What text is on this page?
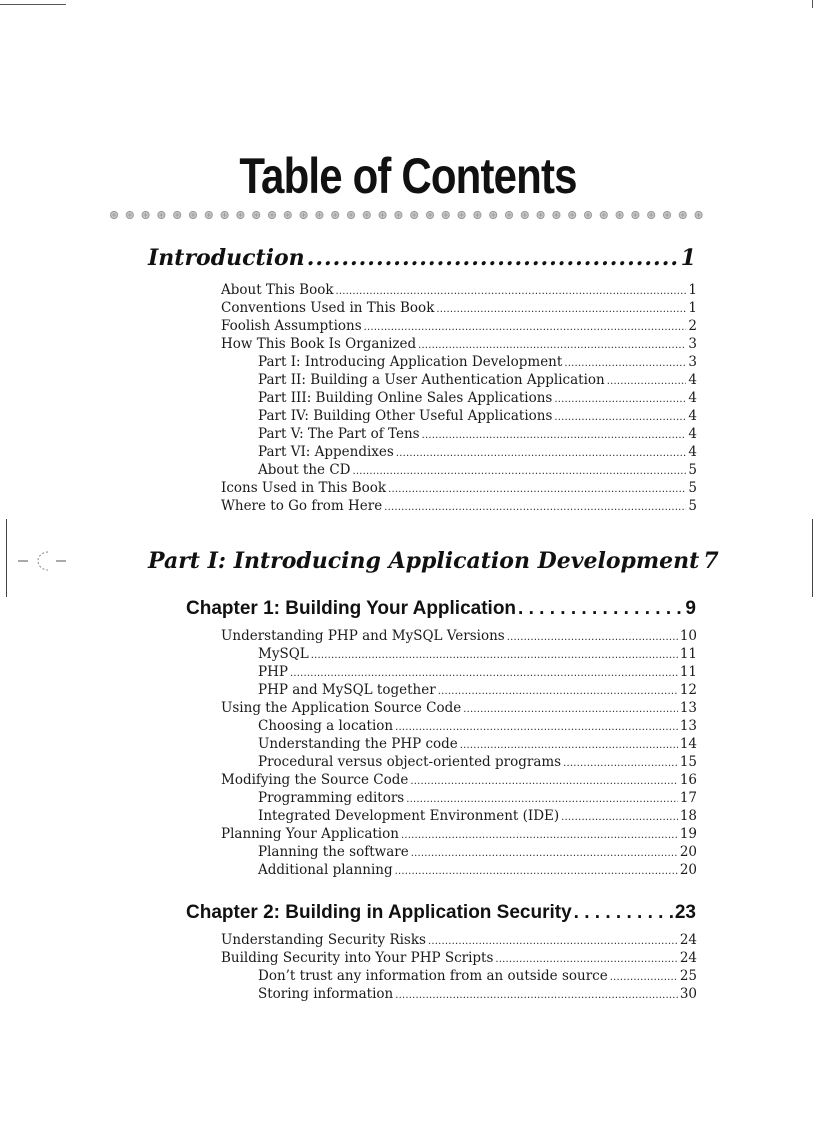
Table of Contents
Introduction .....	1
About This Book .....	1
Conventions Used in This Book .....	1
Foolish Assumptions .....	2
How This Book Is Organized .....	3
Part I: Introducing Application Development .....	3
Part II: Building a User Authentication Application .....	4
Part III: Building Online Sales Applications .....	4
Part IV: Building Other Useful Applications .....	4
Part V: The Part of Tens .....	4
Part VI: Appendixes .....	4
About the CD .....	5
Icons Used in This Book .....	5
Where to Go from Here .....	5
Part I: Introducing Application Development 7
Chapter 1: Building Your Application . . .	9
Understanding PHP and MySQL Versions .....	10
MySQL .....	11
PHP .....	11
PHP and MySQL together .....	12
Using the Application Source Code .....	13
Choosing a location .....	13
Understanding the PHP code .....	14
Procedural versus object-oriented programs .....	15
Modifying the Source Code .....	16
Programming editors .....	17
Integrated Development Environment (IDE) .....	18
Planning Your Application .....	19
Planning the software .....	20
Additional planning .....	20
Chapter 2: Building in Application Security . . .	23
Understanding Security Risks .....	24
Building Security into Your PHP Scripts .....	24
Don’t trust any information from an outside source .....	25
Storing information .....	30
